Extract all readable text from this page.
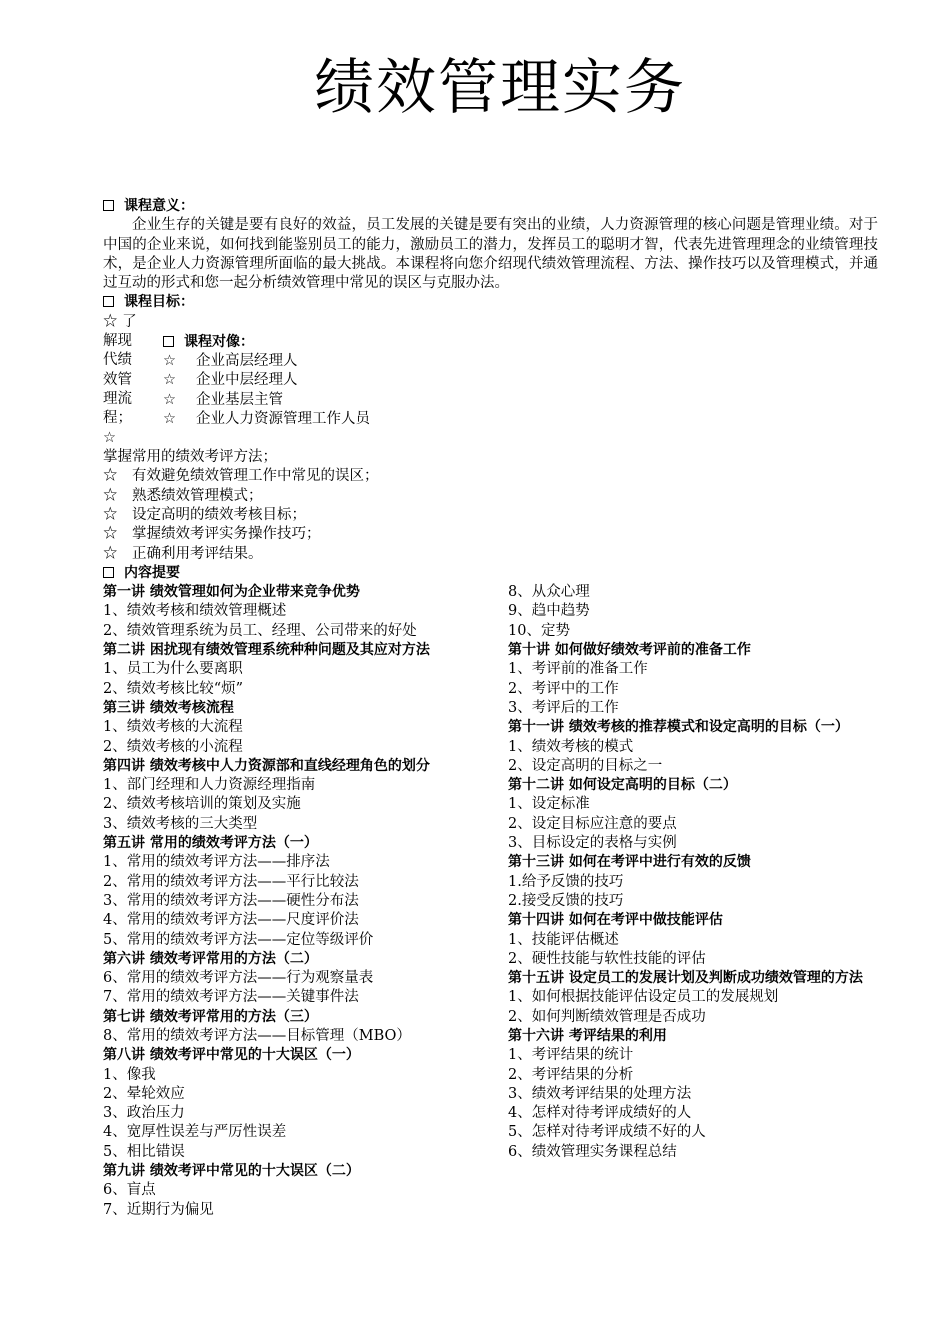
绩效管理实务
课程意义：
企业生存的关键是要有良好的效益，员工发展的关键是要有突出的业绩，人力资源管理的核心问题是管理业绩。对于中国的企业来说，如何找到能鉴别员工的能力，激励员工的潜力，发挥员工的聪明才智，代表先进管理理念的业绩管理技术，是企业人力资源管理所面临的最大挑战。本课程将向您介绍现代绩效管理流程、方法、操作技巧以及管理模式，并通过互动的形式和您一起分析绩效管理中常见的误区与克服办法。
课程目标：
☆ 了解现代绩效管理流程；
课程对像：
☆ 企业高层经理人
☆ 企业中层经理人
☆ 企业基层主管
☆ 企业人力资源管理工作人员
☆
掌握常用的绩效考评方法；
☆　有效避免绩效管理工作中常见的误区；
☆　熟悉绩效管理模式；
☆　设定高明的绩效考核目标；
☆　掌握绩效考评实务操作技巧；
☆　正确利用考评结果。
内容提要
第一讲 绩效管理如何为企业带来竞争优势
1、绩效考核和绩效管理概述
2、绩效管理系统为员工、经理、公司带来的好处
第二讲 困扰现有绩效管理系统种种问题及其应对方法
1、员工为什么要离职
2、绩效考核比较“烦”
第三讲 绩效考核流程
1、绩效考核的大流程
2、绩效考核的小流程
第四讲 绩效考核中人力资源部和直线经理角色的划分
1、部门经理和人力资源经理指南
2、绩效考核培训的策划及实施
3、绩效考核的三大类型
第五讲 常用的绩效考评方法（一）
1、常用的绩效考评方法——排序法
2、常用的绩效考评方法——平行比较法
3、常用的绩效考评方法——硬性分布法
4、常用的绩效考评方法——尺度评价法
5、常用的绩效考评方法——定位等级评价
第六讲 绩效考评常用的方法（二）
6、常用的绩效考评方法——行为观察量表
7、常用的绩效考评方法——关键事件法
第七讲 绩效考评常用的方法（三）
8、常用的绩效考评方法——目标管理（MBO）
第八讲 绩效考评中常见的十大误区（一）
1、像我
2、晕轮效应
3、政治压力
4、宽厚性误差与严厉性误差
5、相比错误
第九讲 绩效考评中常见的十大误区（二）
6、盲点
7、近期行为偏见
8、从众心理
9、趋中趋势
10、定势
第十讲 如何做好绩效考评前的准备工作
1、考评前的准备工作
2、考评中的工作
3、考评后的工作
第十一讲 绩效考核的推荐模式和设定高明的目标（一）
1、绩效考核的模式
2、设定高明的目标之一
第十二讲 如何设定高明的目标（二）
1、设定标准
2、设定目标应注意的要点
3、目标设定的表格与实例
第十三讲 如何在考评中进行有效的反馈
1.给予反馈的技巧
2.接受反馈的技巧
第十四讲 如何在考评中做技能评估
1、技能评估概述
2、硬性技能与软性技能的评估
第十五讲 设定员工的发展计划及判断成功绩效管理的方法
1、如何根据技能评估设定员工的发展规划
2、如何判断绩效管理是否成功
第十六讲 考评结果的利用
1、考评结果的统计
2、考评结果的分析
3、绩效考评结果的处理方法
4、怎样对待考评成绩好的人
5、怎样对待考评成绩不好的人
6、绩效管理实务课程总结
